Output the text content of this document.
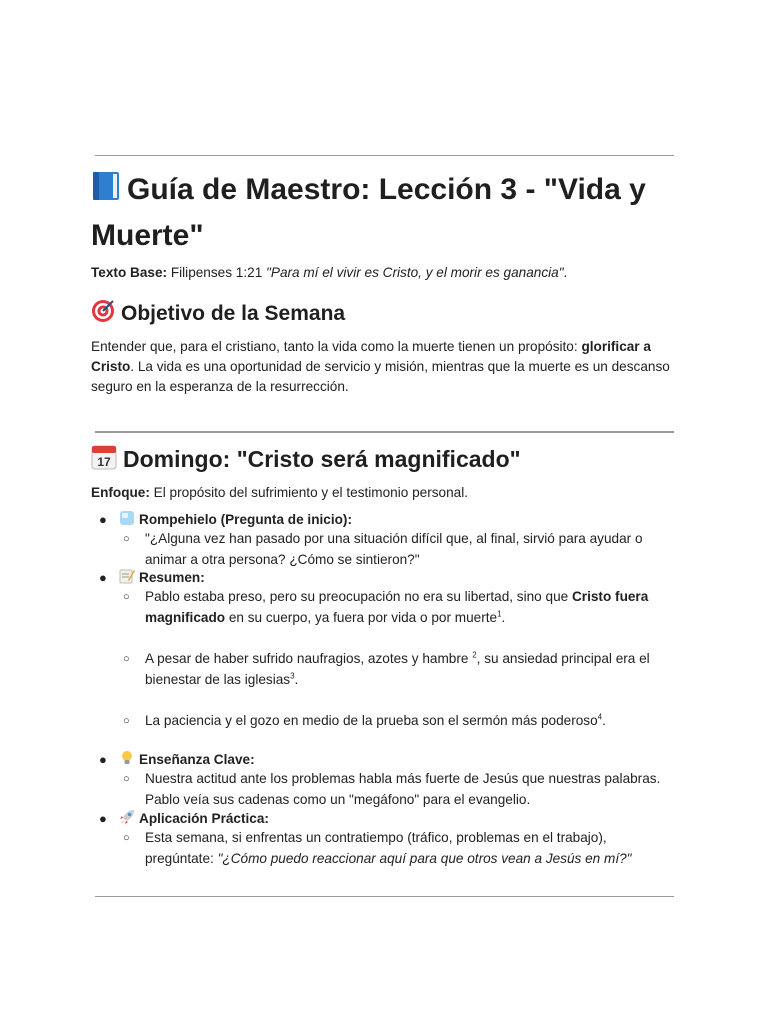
Guía de Maestro: Lección 3 - "Vida y Muerte"

Texto Base: Filipenses 1:21 "Para mí el vivir es Cristo, y el morir es ganancia".

Objetivo de la Semana

Entender que, para el cristiano, tanto la vida como la muerte tienen un propósito: glorificar a Cristo. La vida es una oportunidad de servicio y misión, mientras que la muerte es un descanso seguro en la esperanza de la resurrección.

17 Domingo: "Cristo será magnificado"

Enfoque: El propósito del sufrimiento y el testimonio personal.

●	Rompehielo (Pregunta de inicio):
○ "¿Alguna vez han pasado por una situación difícil que, al final, sirvió para ayudar o animar a otra persona? ¿Cómo se sintieron?"

●	Resumen:
○ Pablo estaba preso, pero su preocupación no era su libertad, sino que Cristo fuera magnificado en su cuerpo, ya fuera por vida o por muerte$^1$.

○ A pesar de haber sufrido naufragios, azotes y hambre $^2$, su ansiedad principal era el bienestar de las iglesias$^3$.

○ La paciencia y el gozo en medio de la prueba son el sermón más poderoso$^4$.

●	Enseñanza Clave:
○ Nuestra actitud ante los problemas habla más fuerte de Jesús que nuestras palabras. Pablo veía sus cadenas como un "megáfono" para el evangelio.

●	Aplicación Práctica:
○ Esta semana, si enfrentas un contratiempo (tráfico, problemas en el trabajo), pregúntate: "¿Cómo puedo reaccionar aquí para que otros vean a Jesús en mí?"
